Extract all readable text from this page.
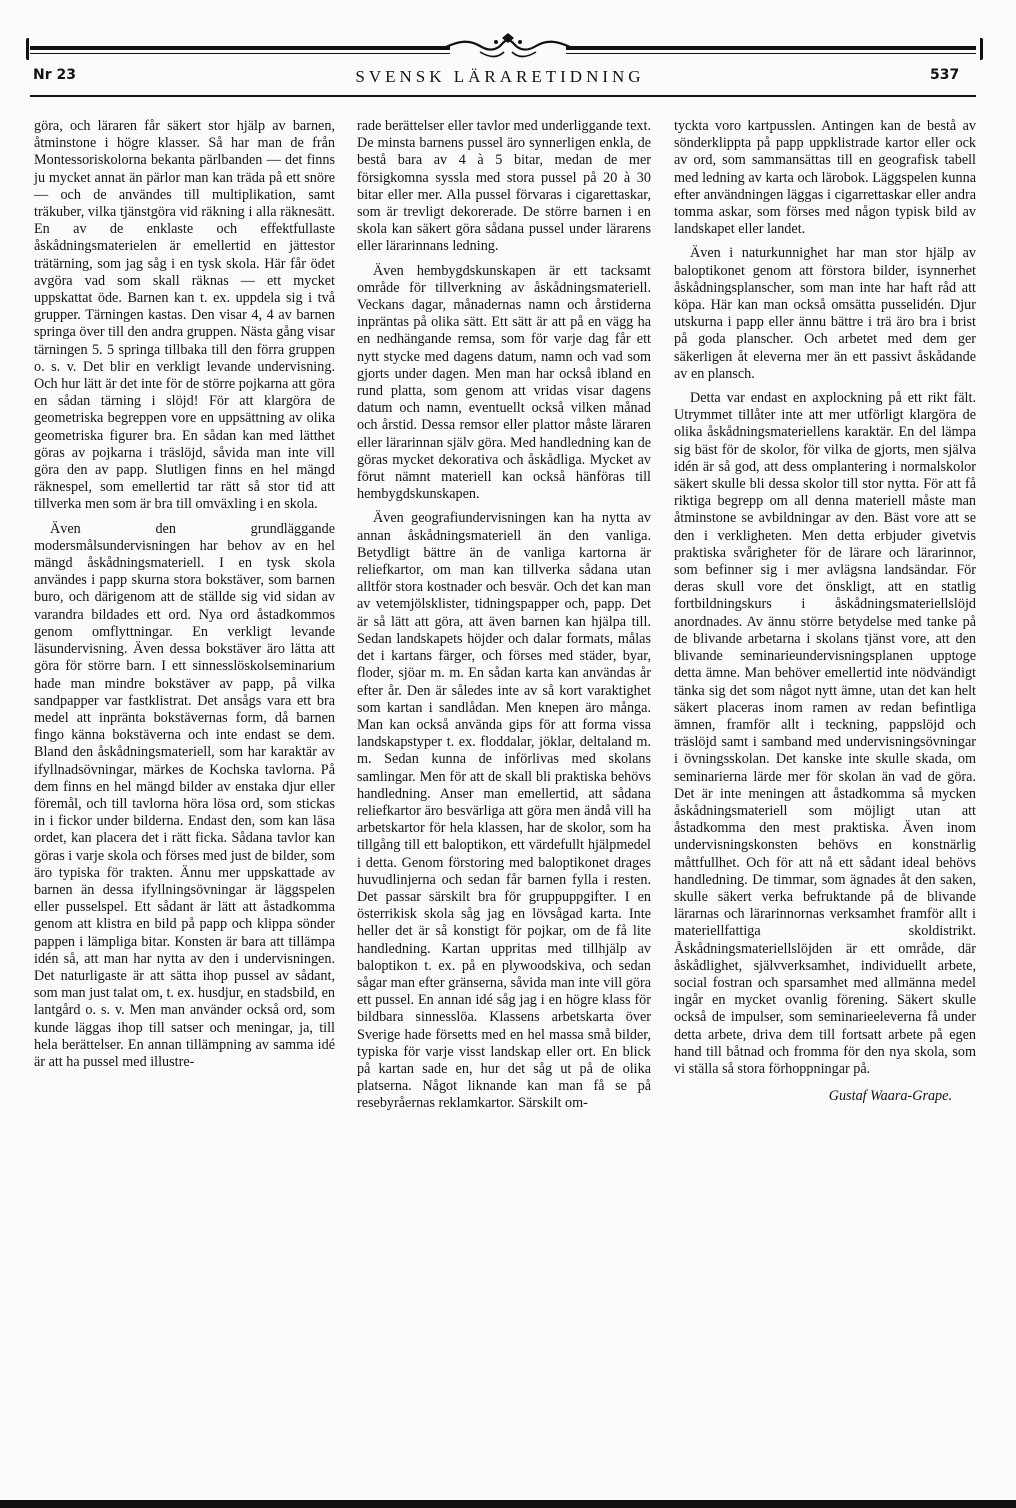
Nr 23	SVENSK LÄRARETIDNING	537

göra, och läraren får säkert stor hjälp av barnen, åtminstone i högre klasser. Så har man de från Montessoriskolorna bekanta pärlbanden — det finns ju mycket annat än pärlor man kan träda på ett snöre — och de användes till multiplikation, samt träkuber, vilka tjänstgöra vid räkning i alla räknesätt. En av de enklaste och effektfullaste åskådningsmaterielen är emellertid en jättestor trätärning, som jag såg i en tysk skola. Här får ödet avgöra vad som skall räknas — ett mycket uppskattat öde. Barnen kan t. ex. uppdela sig i två grupper. Tärningen kastas. Den visar 4, 4 av barnen springa över till den andra gruppen. Nästa gång visar tärningen 5. 5 springa tillbaka till den förra gruppen o. s. v. Det blir en verkligt levande undervisning. Och hur lätt är det inte för de större pojkarna att göra en sådan tärning i slöjd! För att klargöra de geometriska begreppen vore en uppsättning av olika geometriska figurer bra. En sådan kan med lätthet göras av pojkarna i träslöjd, såvida man inte vill göra den av papp. Slutligen finns en hel mängd räknespel, som emellertid tar rätt så stor tid att tillverka men som är bra till omväxling i en skola.

Även den grundläggande modersmålsundervisningen har behov av en hel mängd åskådningsmateriell. I en tysk skola användes i papp skurna stora bokstäver, som barnen buro, och därigenom att de ställde sig vid sidan av varandra bildades ett ord. Nya ord åstadkommos genom omflyttningar. En verkligt levande läsundervisning. Även dessa bokstäver äro lätta att göra för större barn. I ett sinnesslöskolseminarium hade man mindre bokstäver av papp, på vilka sandpapper var fastklistrat. Det ansågs vara ett bra medel att inpränta bokstävernas form, då barnen fingo känna bokstäverna och inte endast se dem. Bland den åskådningsmateriell, som har karaktär av ifyllnadsövningar, märkes de Kochska tavlorna. På dem finns en hel mängd bilder av enstaka djur eller föremål, och till tavlorna höra lösa ord, som stickas in i fickor under bilderna. Endast den, som kan läsa ordet, kan placera det i rätt ficka. Sådana tavlor kan göras i varje skola och förses med just de bilder, som äro typiska för trakten. Ännu mer uppskattade av barnen än dessa ifyllningsövningar är läggspelen eller pusselspel. Ett sådant är lätt att åstadkomma genom att klistra en bild på papp och klippa sönder pappen i lämpliga bitar. Konsten är bara att tillämpa idén så, att man har nytta av den i undervisningen. Det naturligaste är att sätta ihop pussel av sådant, som man just talat om, t. ex. husdjur, en stadsbild, en lantgård o. s. v. Men man använder också ord, som kunde läggas ihop till satser och meningar, ja, till hela berättelser. En annan tillämpning av samma idé är att ha pussel med illustre-

rade berättelser eller tavlor med underliggande text. De minsta barnens pussel äro synnerligen enkla, de bestå bara av 4 à 5 bitar, medan de mer försigkomna syssla med stora pussel på 20 à 30 bitar eller mer. Alla pussel förvaras i cigarettaskar, som är trevligt dekorerade. De större barnen i en skola kan säkert göra sådana pussel under lärarens eller lärarinnans ledning.

Även hembygdskunskapen är ett tacksamt område för tillverkning av åskådningsmateriell. Veckans dagar, månadernas namn och årstiderna inpräntas på olika sätt. Ett sätt är att på en vägg ha en nedhängande remsa, som för varje dag får ett nytt stycke med dagens datum, namn och vad som gjorts under dagen. Men man har också ibland en rund platta, som genom att vridas visar dagens datum och namn, eventuellt också vilken månad och årstid. Dessa remsor eller plattor måste läraren eller lärarinnan själv göra. Med handledning kan de göras mycket dekorativa och åskådliga. Mycket av förut nämnt materiell kan också hänföras till hembygdskunskapen.

Även geografiundervisningen kan ha nytta av annan åskådningsmateriell än den vanliga. Betydligt bättre än de vanliga kartorna är reliefkartor, om man kan tillverka sådana utan alltför stora kostnader och besvär. Och det kan man av vetemjölsklister, tidningspapper och, papp. Det är så lätt att göra, att även barnen kan hjälpa till. Sedan landskapets höjder och dalar formats, målas det i kartans färger, och förses med städer, byar, floder, sjöar m. m. En sådan karta kan användas år efter år. Den är således inte av så kort varaktighet som kartan i sandlådan. Men knepen äro många. Man kan också använda gips för att forma vissa landskapstyper t. ex. floddalar, jöklar, deltaland m. m. Sedan kunna de införlivas med skolans samlingar. Men för att de skall bli praktiska behövs handledning. Anser man emellertid, att sådana reliefkartor äro besvärliga att göra men ändå vill ha arbetskartor för hela klassen, har de skolor, som ha tillgång till ett baloptikon, ett värdefullt hjälpmedel i detta. Genom förstoring med baloptikonet drages huvudlinjerna och sedan får barnen fylla i resten. Det passar särskilt bra för gruppuppgifter. I en österrikisk skola såg jag en lövsågad karta. Inte heller det är så konstigt för pojkar, om de få lite handledning. Kartan uppritas med tillhjälp av baloptikon t. ex. på en plywoodskiva, och sedan sågar man efter gränserna, såvida man inte vill göra ett pussel. En annan idé såg jag i en högre klass för bildbara sinnesslöa. Klassens arbetskarta över Sverige hade försetts med en hel massa små bilder, typiska för varje visst landskap eller ort. En blick på kartan sade en, hur det såg ut på de olika platserna. Något liknande kan man få se på resebyråernas reklamkartor. Särskilt om-

tyckta voro kartpusslen. Antingen kan de bestå av sönderklippta på papp uppklistrade kartor eller ock av ord, som sammansättas till en geografisk tabell med ledning av karta och lärobok. Läggspelen kunna efter användningen läggas i cigarrettaskar eller andra tomma askar, som förses med någon typisk bild av landskapet eller landet.

Även i naturkunnighet har man stor hjälp av baloptikonet genom att förstora bilder, isynnerhet åskådningsplanscher, som man inte har haft råd att köpa. Här kan man också omsätta pusselidén. Djur utskurna i papp eller ännu bättre i trä äro bra i brist på goda planscher. Och arbetet med dem ger säkerligen åt eleverna mer än ett passivt åskådande av en plansch.

Detta var endast en axplockning på ett rikt fält. Utrymmet tillåter inte att mer utförligt klargöra de olika åskådningsmateriellens karaktär. En del lämpa sig bäst för de skolor, för vilka de gjorts, men själva idén är så god, att dess omplantering i normalskolor säkert skulle bli dessa skolor till stor nytta. För att få riktiga begrepp om all denna materiell måste man åtminstone se avbildningar av den. Bäst vore att se den i verkligheten. Men detta erbjuder givetvis praktiska svårigheter för de lärare och lärarinnor, som befinner sig i mer avlägsna landsändar. För deras skull vore det önskligt, att en statlig fortbildningskurs i åskådningsmateriellslöjd anordnades. Av ännu större betydelse med tanke på de blivande arbetarna i skolans tjänst vore, att den blivande seminarieundervisningsplanen upptoge detta ämne. Man behöver emellertid inte nödvändigt tänka sig det som något nytt ämne, utan det kan helt säkert placeras inom ramen av redan befintliga ämnen, framför allt i teckning, pappslöjd och träslöjd samt i samband med undervisningsövningar i övningsskolan. Det kanske inte skulle skada, om seminarierna lärde mer för skolan än vad de göra. Det är inte meningen att åstadkomma så mycken åskådningsmateriell som möjligt utan att åstadkomma den mest praktiska. Även inom undervisningskonsten behövs en konstnärlig måttfullhet. Och för att nå ett sådant ideal behövs handledning. De timmar, som ägnades åt den saken, skulle säkert verka befruktande på de blivande lärarnas och lärarinnornas verksamhet framför allt i materiellfattiga skoldistrikt. Åskådningsmateriellslöjden är ett område, där åskådlighet, självverksamhet, individuellt arbete, social fostran och sparsamhet med allmänna medel ingår en mycket ovanlig förening. Säkert skulle också de impulser, som seminarieeleverna få under detta arbete, driva dem till fortsatt arbete på egen hand till båtnad och fromma för den nya skola, som vi ställa så stora förhoppningar på.

Gustaf Waara-Grape.
